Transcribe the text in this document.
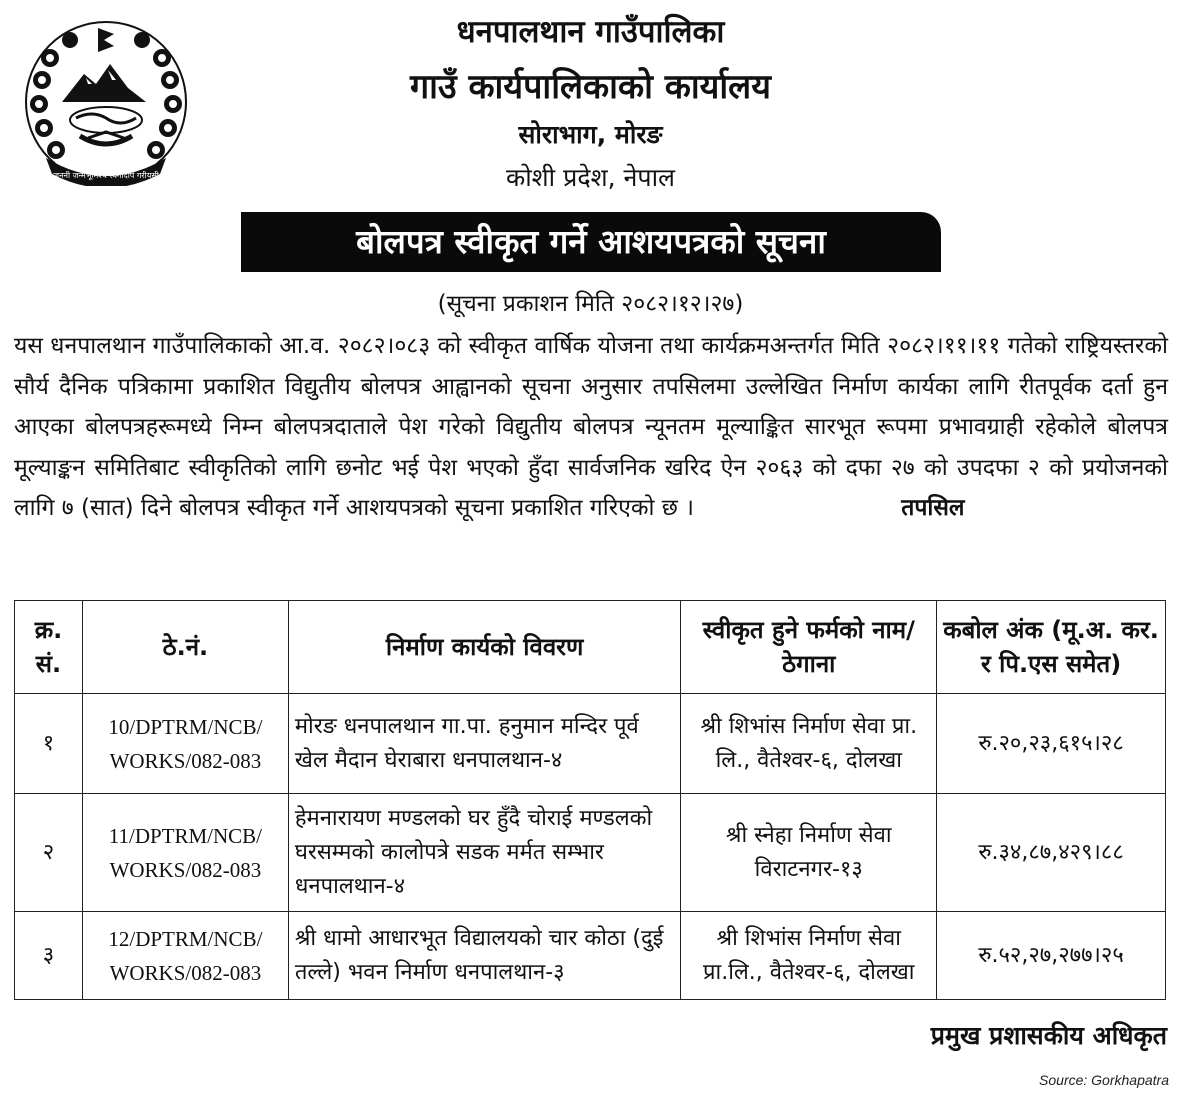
जननी जन्मभूमिश्च स्वर्गादपि गरीयसी
धनपालथान गाउँपालिका
गाउँ कार्यपालिकाको कार्यालय
सोराभाग, मोरङ
कोशी प्रदेश, नेपाल
बोलपत्र स्वीकृत गर्ने आशयपत्रको सूचना
(सूचना प्रकाशन मिति २०८२।१२।२७)
यस धनपालथान गाउँपालिकाको आ.व. २०८२।०८३ को स्वीकृत वार्षिक योजना तथा कार्यक्रमअन्तर्गत मिति २०८२।११।११ गतेको राष्ट्रियस्तरको सौर्य दैनिक पत्रिकामा प्रकाशित विद्युतीय बोलपत्र आह्वानको सूचना अनुसार तपसिलमा उल्लेखित निर्माण कार्यका लागि रीतपूर्वक दर्ता हुन आएका बोलपत्रहरूमध्ये निम्न बोलपत्रदाताले पेश गरेको विद्युतीय बोलपत्र न्यूनतम मूल्याङ्कित सारभूत रूपमा प्रभावग्राही रहेकोले बोलपत्र मूल्याङ्कन समितिबाट स्वीकृतिको लागि छनोट भई पेश भएको हुँदा सार्वजनिक खरिद ऐन २०६३ को दफा २७ को उपदफा २ को प्रयोजनको लागि ७ (सात) दिने बोलपत्र स्वीकृत गर्ने आशयपत्रको सूचना प्रकाशित गरिएको छ ।	तपसिल
क्र. सं.	ठे.नं.	निर्माण कार्यको विवरण	स्वीकृत हुने फर्मको नाम/ठेगाना	कबोल अंक (मू.अ. कर. र पि.एस समेत)
१	10/DPTRM/NCB/ WORKS/082-083	मोरङ धनपालथान गा.पा. हनुमान मन्दिर पूर्व खेल मैदान घेराबारा धनपालथान-४	श्री शिभांस निर्माण सेवा प्रा. लि., वैतेश्वर-६, दोलखा	रु.२०,२३,६१५।२८
२	11/DPTRM/NCB/ WORKS/082-083	हेमनारायण मण्डलको घर हुँदै चोराई मण्डलको घरसम्मको कालोपत्रे सडक मर्मत सम्भार धनपालथान-४	श्री स्नेहा निर्माण सेवा विराटनगर-१३	रु.३४,८७,४२९।८८
३	12/DPTRM/NCB/ WORKS/082-083	श्री धामो आधारभूत विद्यालयको चार कोठा (दुई तल्ले) भवन निर्माण धनपालथान-३	श्री शिभांस निर्माण सेवा प्रा.लि., वैतेश्वर-६, दोलखा	रु.५२,२७,२७७।२५
प्रमुख प्रशासकीय अधिकृत
Source: Gorkhapatra
